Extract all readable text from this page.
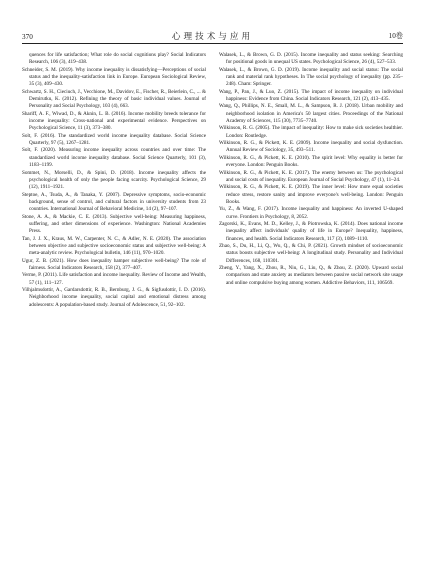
370	心理技术与应用	10卷

quences for life satisfaction; What role do social cognitions play? Social Indicators Research, 106 (3), 419–438.

Schneider, S. M. (2019). Why income inequality is dissatisfying—Perceptions of social status and the inequality-satisfaction link in Europe. European Sociological Review, 35 (3), 409–430.

Schwartz, S. H., Cieciuch, J., Vecchione, M., Davidov, E., Fischer, R., Beierlein, C., ... & Demirutku, K. (2012). Refining the theory of basic individual values. Journal of Personality and Social Psychology, 103 (4), 663.

Shariff, A. F., Wiwad, D., & Aknin, L. B. (2016). Income mobility breeds tolerance for income inequality: Cross-national and experimental evidence. Perspectives on Psychological Science, 11 (3), 373–380.

Solt, F. (2016). The standardized world income inequality database. Social Science Quarterly, 97 (5), 1267–1281.

Solt, F. (2020). Measuring income inequality across countries and over time: The standardized world income inequality database. Social Science Quarterly, 101 (3), 1183–1199.

Sommet, N., Morselli, D., & Spini, D. (2018). Income inequality affects the psychological health of only the people facing scarcity. Psychological Science, 29 (12), 1911–1921.

Steptoe, A., Tsuda, A., & Tanaka, Y. (2007). Depressive symptoms, socio-economic background, sense of control, and cultural factors in university students from 23 countries. International Journal of Behavioral Medicine, 14 (2), 97–107.

Stone, A. A., & Mackie, C. E. (2013). Subjective well-being: Measuring happiness, suffering, and other dimensions of experience. Washington: National Academies Press.

Tan, J. J. X., Kraus, M. W., Carpenter, N. C., & Adler, N. E. (2020). The association between objective and subjective socioeconomic status and subjective well-being: A meta-analytic review. Psychological bulletin, 146 (11), 970–1020.

Ugur, Z. B. (2021). How does inequality hamper subjective well-being? The role of fairness. Social Indicators Research, 158 (2), 377–407.

Verme, P. (2011). Life satisfaction and income inequality. Review of Income and Wealth, 57 (1), 111–127.

Vilhjalmsdottir, A., Gardarsdottir, R. B., Bernburg, J. G., & Sigfusdottir, I. D. (2016). Neighborhood income inequality, social capital and emotional distress among adolescents: A population-based study. Journal of Adolescence, 51, 92–102.

Walasek, L., & Brown, G. D. (2015). Income inequality and status seeking: Searching for positional goods in unequal US states. Psychological Science, 26 (4), 527–533.

Walasek, L., & Brown, G. D. (2019). Income inequality and social status: The social rank and material rank hypotheses. In The social psychology of inequality (pp. 235–248). Cham: Springer.

Wang, P., Pan, J., & Luo, Z. (2015). The impact of income inequality on individual happiness: Evidence from China. Social Indicators Research, 121 (2), 413–435.

Wang, Q., Phillips, N. E., Small, M. L., & Sampson, R. J. (2018). Urban mobility and neighborhood isolation in America's 50 largest cities. Proceedings of the National Academy of Sciences, 115 (30), 7735–7740.

Wilkinson, R. G. (2005). The impact of inequality: How to make sick societies healthier. London: Routledge.

Wilkinson, R. G., & Pickett, K. E. (2009). Income inequality and social dysfunction. Annual Review of Sociology, 35, 493–511.

Wilkinson, R. G., & Pickett, K. E. (2010). The spirit level: Why equality is better for everyone. London: Penguin Books.

Wilkinson, R. G., & Pickett, K. E. (2017). The enemy between us: The psychological and social costs of inequality. European Journal of Social Psychology, 47 (1), 11–24.

Wilkinson, R. G., & Pickett, K. E. (2019). The inner level: How more equal societies reduce stress, restore sanity and improve everyone's well-being. London: Penguin Books.

Yu, Z., & Wang, F. (2017). Income inequality and happiness: An inverted U-shaped curve. Frontiers in Psychology, 8, 2052.

Zagorski, K., Evans, M. D., Kelley, J., & Piotrowska, K. (2014). Does national income inequality affect individuals' quality of life in Europe? Inequality, happiness, finances, and health. Social Indicators Research, 117 (3), 1089–1110.

Zhao, S., Du, H., Li, Q., Wu, Q., & Chi, P. (2021). Growth mindset of socioeconomic status boosts subjective well-being: A longitudinal study. Personality and Individual Differences, 168, 110301.

Zheng, Y., Yang, X., Zhou, R., Niu, G., Liu, Q., & Zhou, Z. (2020). Upward social comparison and state anxiety as mediators between passive social network site usage and online compulsive buying among women. Addictive Behaviors, 111, 106569.
